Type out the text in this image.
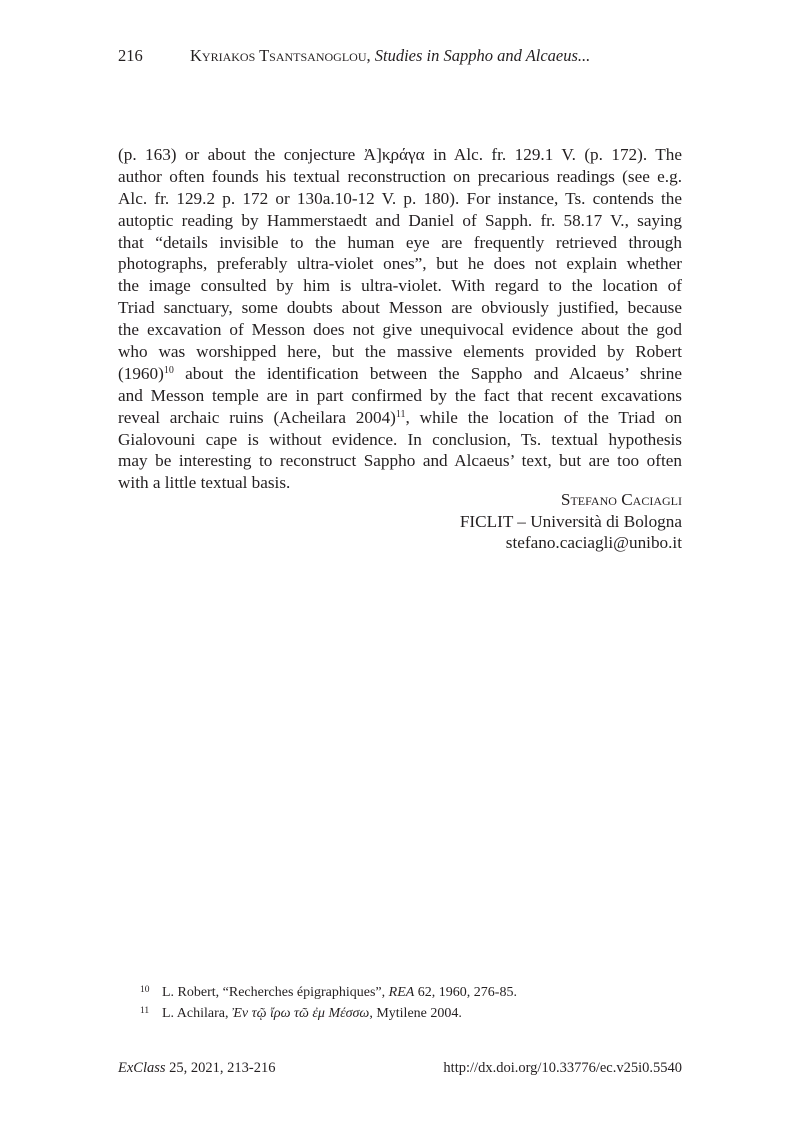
216	Kyriakos Tsantsanoglou, Studies in Sappho and Alcaeus...
(p. 163) or about the conjecture Ἀ]κ̣ράγα in Alc. fr. 129.1 V. (p. 172). The
author often founds his textual reconstruction on precarious readings (see e.g.
Alc. fr. 129.2 p. 172 or 130a.10-12 V. p. 180). For instance, Ts. contends the
autoptic reading by Hammerstaedt and Daniel of Sapph. fr. 58.17 V., saying
that “details invisible to the human eye are frequently retrieved through
photographs, preferably ultra-violet ones”, but he does not explain whether
the image consulted by him is ultra-violet. With regard to the location of
Triad sanctuary, some doubts about Messon are obviously justified, because
the excavation of Messon does not give unequivocal evidence about the god
who was worshipped here, but the massive elements provided by Robert
$(1960)^{10}$ about the identification between the Sappho and Alcaeus’ shrine
and Messon temple are in part confirmed by the fact that recent excavations
reveal archaic ruins (Acheilara 2004)$^{11}$, while the location of the Triad on
Gialovouni cape is without evidence. In conclusion, Ts. textual hypothesis
may be interesting to reconstruct Sappho and Alcaeus’ text, but are too often
with a little textual basis.
Stefano Caciagli
FICLIT – Università di Bologna
stefano.caciagli@unibo.it
10 L. Robert, “Recherches épigraphiques”, REA 62, 1960, 276-85.
11 L. Achilara, Ἐν τῷ ἴρω τῶ ἐμ Μέσσω, Mytilene 2004.
ExClass 25, 2021, 213-216	http://dx.doi.org/10.33776/ec.v25i0.5540
